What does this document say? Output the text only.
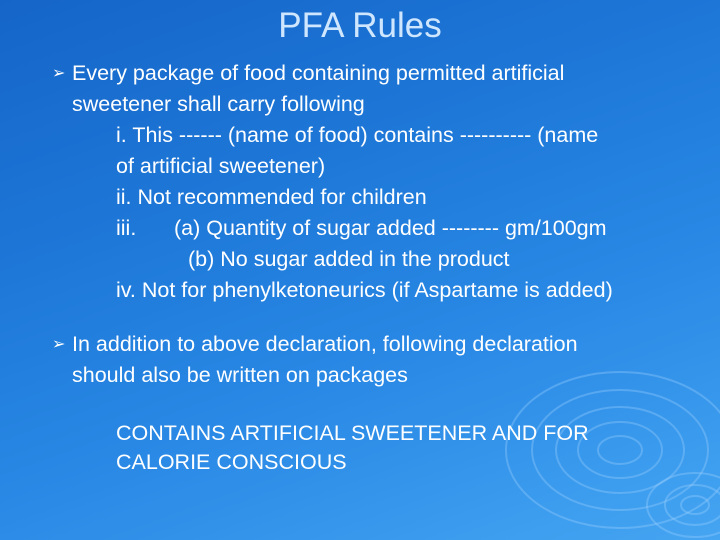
PFA Rules
➢ Every package of food containing permitted artificial
sweetener shall carry following
i. This ------ (name of food) contains ---------- (name
of artificial sweetener)
ii. Not recommended for children
iii. (a) Quantity of sugar added -------- gm/100gm
(b) No sugar added in the product
iv. Not for phenylketoneurics (if Aspartame is added)
➢ In addition to above declaration, following declaration
should also be written on packages
CONTAINS ARTIFICIAL SWEETENER AND FOR
CALORIE CONSCIOUS
